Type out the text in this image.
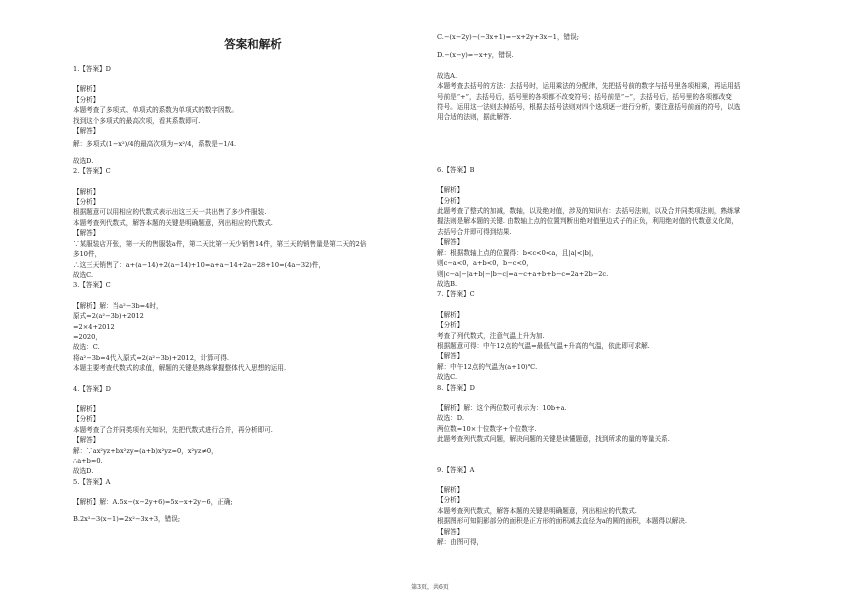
答案和解析
1.【答案】D
【解析】
【分析】
本题考查了多项式、单项式的系数为单项式的数字因数。
找到这个多项式的最高次项，看其系数即可.
【解答】
解：多项式(1−x²)/4的最高次项为−x²/4，系数是−1/4.
故选D.
2.【答案】C
【解析】
【分析】
根据题意可以用相应的代数式表示出这三天一共出售了多少件服装.
本题考查列代数式，解答本题的关键是明确题意，列出相应的代数式.
【解答】
∵某服装店开张，第一天的售服装a件，第二天比第一天少销售14件，第三天的销售量是第二天的2倍
多10件，
∴这三天销售了：a+(a−14)+2(a−14)+10=a+a−14+2a−28+10=(4a−32)件，
故选C.
3.【答案】C
【解析】解：当a²−3b=4时，
原式=2(a²−3b)+2012
=2×4+2012
=2020，
故选：C.
将a²−3b=4代入原式=2(a²−3b)+2012，计算可得.
本题主要考查代数式的求值，解题的关键是熟练掌握整体代入思想的运用.
4.【答案】D
【解析】
【分析】
本题考查了合并同类项有关知识，先把代数式进行合并，再分析即可.
【解答】
解：∵ax²yz+bx²zy=(a+b)x²yz=0，x²yz≠0，
∴a+b=0.
故选D.
5.【答案】A
【解析】解：A.5x−(x−2y+6)=5x−x+2y−6，正确;
B.2x²−3(x−1)=2x²−3x+3，错误;
C.−(x−2y)−(−3x+1)=−x+2y+3x−1，错误;
D.−(x−y)=−x+y，错误.
故选A.
本题考查去括号的方法：去括号时，运用乘法的分配律，先把括号前的数字与括号里各项相乘，再运用括
号前是“+”，去括号后，括号里的各项都不改变符号；括号前是“−”，去括号后，括号里的各项都改变
符号。运用这一法则去掉括号，根据去括号法则对四个选项逐一进行分析，要注意括号前面的符号，以选
用合适的法则，据此解答.
6.【答案】B
【解析】
【分析】
此题考查了整式的加减，数轴，以及绝对值，涉及的知识有：去括号法则，以及合并同类项法则，熟练掌
握法则是解本题的关键. 由数轴上点的位置判断出绝对值里边式子的正负，利用绝对值的代数意义化简，
去括号合并即可得到结果.
【解答】
解：根据数轴上点的位置得：b<c<0<a，且|a|<|b|，
则c−a<0，a+b<0，b−c<0，
则|c−a|−|a+b|−|b−c|=a−c+a+b+b−c=2a+2b−2c.
故选B.
7.【答案】C
【解析】
【分析】
考查了列代数式，注意气温上升为加.
根据题意可得：中午12点的气温=最低气温+升高的气温，依此即可求解.
【解答】
解：中午12点的气温为(a+10)℃.
故选C.
8.【答案】D
【解析】解：这个两位数可表示为：10b+a.
故选：D.
两位数=10×十位数字+个位数字.
此题考查列代数式问题，解决问题的关键是读懂题意，找到所求的量的等量关系.
9.【答案】A
【解析】
【分析】
本题考查列代数式，解答本题的关键是明确题意，列出相应的代数式.
根据图形可知阴影部分的面积是正方形的面积减去直径为a的圆的面积，本题得以解决.
【解答】
解：由图可得，
第3页，共6页
